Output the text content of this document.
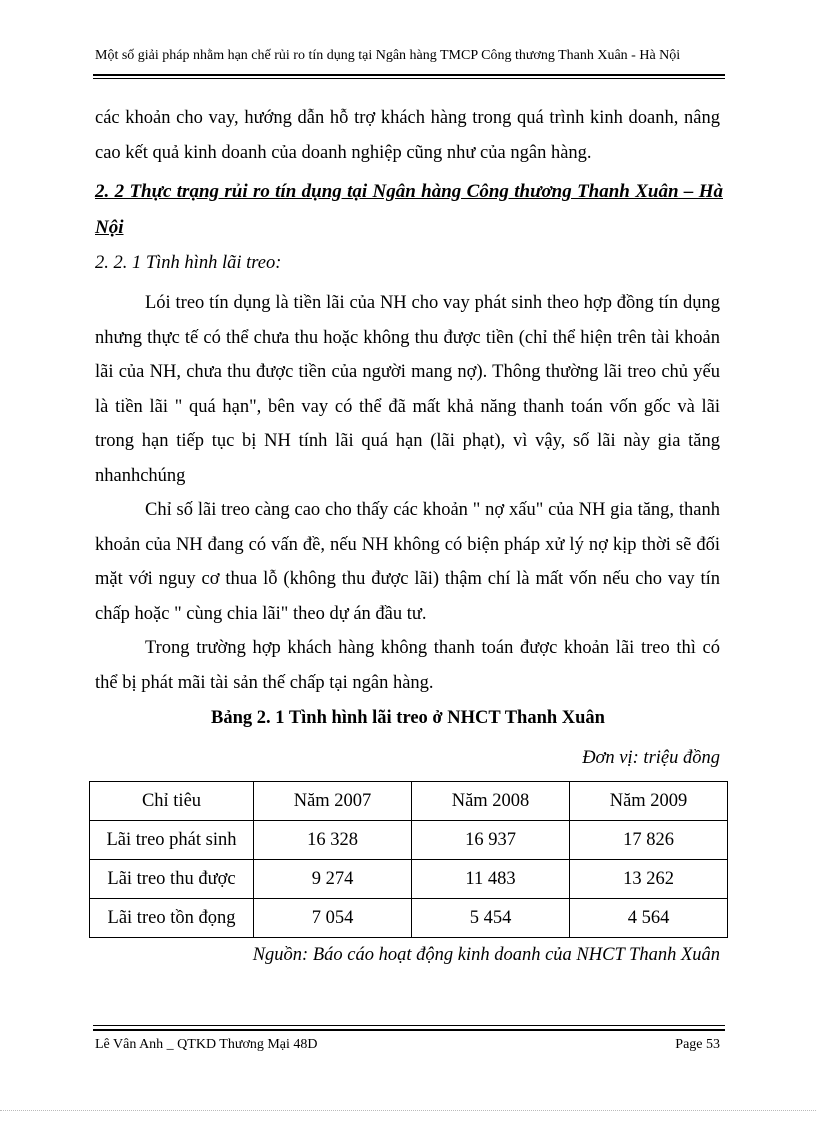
Một số giải pháp nhằm hạn chế rủi ro tín dụng tại Ngân hàng TMCP Công thương Thanh Xuân - Hà Nội

các khoản cho vay, hướng dẫn hỗ trợ khách hàng trong quá trình kinh doanh, nâng

cao kết quả kinh doanh của doanh nghiệp cũng như của ngân hàng.

2. 2 Thực trạng rủi ro tín dụng tại Ngân hàng Công thương Thanh Xuân – Hà
Nội
2. 2. 1 Tình hình lãi treo:

Lói treo tín dụng là tiền lãi của NH cho vay phát sinh theo hợp đồng tín dụng nhưng thực tế có thể chưa thu hoặc không thu được tiền (chỉ thể hiện trên tài khoản lãi của NH, chưa thu được tiền của người mang nợ). Thông thường lãi treo chủ yếu là tiền lãi " quá hạn", bên vay có thể đã mất khả năng thanh toán vốn gốc và lãi trong hạn tiếp tục bị NH tính lãi quá hạn (lãi phạt), vì vậy, số lãi này gia tăng nhanhchúng

Chỉ số lãi treo càng cao cho thấy các khoản " nợ xấu" của NH gia tăng, thanh khoản của NH đang có vấn đề, nếu NH không có biện pháp xử lý nợ kịp thời sẽ đối mặt với nguy cơ thua lỗ (không thu được lãi) thậm chí là mất vốn nếu cho vay tín chấp hoặc " cùng chia lãi" theo dự án đầu tư.

Trong trường hợp khách hàng không thanh toán được khoản lãi treo thì có thể bị phát mãi tài sản thế chấp tại ngân hàng.

Bảng 2. 1 Tình hình lãi treo ở NHCT Thanh Xuân
Đơn vị: triệu đồng
Chỉ tiêu	Năm 2007	Năm 2008	Năm 2009
Lãi treo phát sinh	16 328	16 937	17 826
Lãi treo thu được	9 274	11 483	13 262
Lãi treo tồn đọng	7 054	5 454	4 564
Nguồn: Báo cáo hoạt động kinh doanh của NHCT Thanh Xuân
Lê Vân Anh _ QTKD Thương Mại 48D	Page 53
